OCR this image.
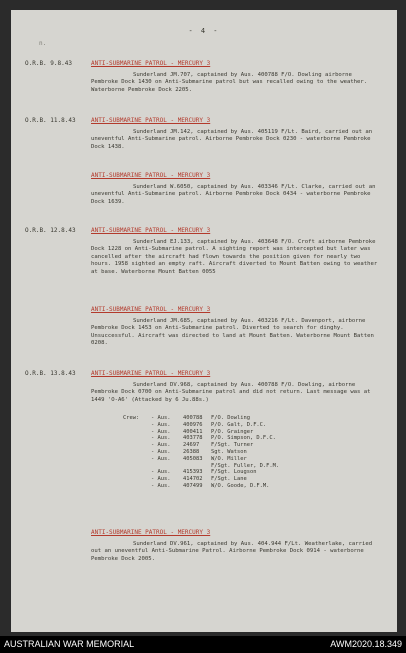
- 4 -
n.
O.R.B. 9.8.43	ANTI-SUBMARINE PATROL - MERCURY 3

Sunderland JM.707, captained by Aus. 400788 F/O. Dowling airborne Pembroke Dock 1430 on Anti-Submarine patrol but was recalled owing to the weather. Waterborne Pembroke Dock 2205.

O.R.B. 11.8.43	ANTI-SUBMARINE PATROL - MERCURY 3

Sunderland JM.142, captained by Aus. 405119 F/Lt. Baird, carried out an uneventful Anti-Submarine patrol. Airborne Pembroke Dock 0230 - waterborne Pembroke Dock 1438.

ANTI-SUBMARINE PATROL - MERCURY 3

Sunderland W.6050, captained by Aus. 403346 F/Lt. Clarke, carried out an uneventful Anti-Submarine patrol. Airborne Pembroke Dock 0434 - waterborne Pembroke Dock 1639.

O.R.B. 12.8.43	ANTI-SUBMARINE PATROL - MERCURY 3

Sunderland EJ.133, captained by Aus. 403648 F/O. Croft airborne Pembroke Dock 1228 on Anti-Submarine patrol. A sighting report was intercepted but later was cancelled after the aircraft had flown towards the position given for nearly two hours. 1958 sighted an empty raft. Aircraft diverted to Mount Batten owing to weather at base. Waterborne Mount Batten 0055

ANTI-SUBMARINE PATROL - MERCURY 3

Sunderland JM.685, captained by Aus. 403216 F/Lt. Davenport, airborne Pembroke Dock 1453 on Anti-Submarine patrol. Diverted to search for dinghy. Unsuccessful. Aircraft was directed to land at Mount Batten. Waterborne Mount Batten 0208.

O.R.B. 13.8.43	ANTI-SUBMARINE PATROL - MERCURY 3

Sunderland DV.968, captained by Aus. 400788 F/O. Dowling, airborne Pembroke Dock 0700 on Anti-Submarine patrol and did not return. Last message was at 1449 'O-A6' (Attacked by 6 Ju.88s.)

Crew:	- Aus.	400788	F/O. Dowling
- Aus.	400976	P/O. Galt, D.F.C.
- Aus.	400411	P/O. Grainger
- Aus.	403778	P/O. Simpson, D.F.C.
- Aus.	24697	F/Sgt. Turner
- Aus.	26388	Sgt. Watson
- Aus.	405083	W/O. Miller
F/Sgt. Fuller, D.F.M.
- Aus.	415393	F/Sgt. Lougson
- Aus.	414702	F/Sgt. Lane
- Aus.	407499	W/O. Goode, D.F.M.
ANTI-SUBMARINE PATROL - MERCURY 3

Sunderland DV.961, captained by Aus. 404.944 F/Lt. Weatherlake, carried out an uneventful Anti-Submarine Patrol. Airborne Pembroke Dock 0914 - waterborne Pembroke Dock 2005.

AUSTRALIAN WAR MEMORIAL	AWM2020.18.349
